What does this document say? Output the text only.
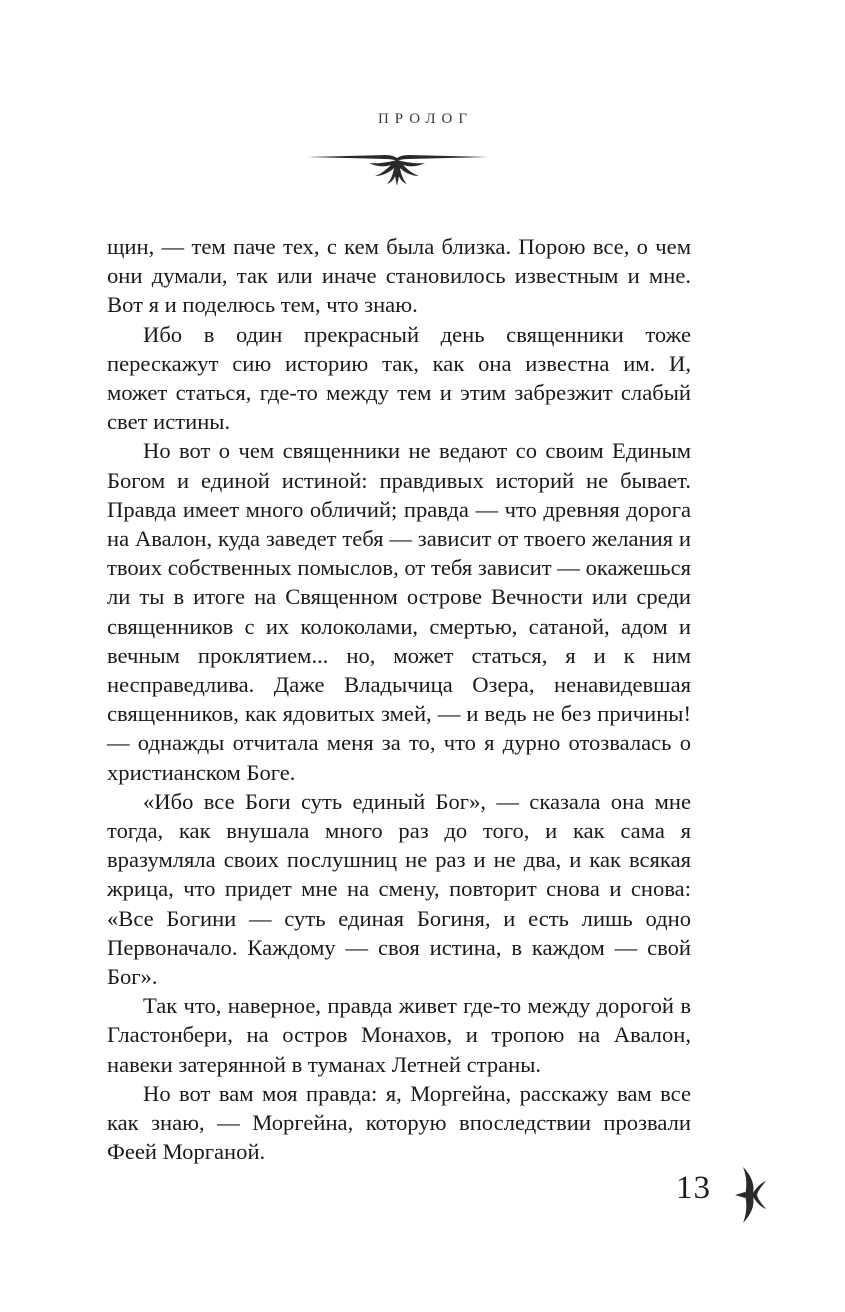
ПРОЛОГ

щин, — тем паче тех, с кем была близка. Порою все, о чем они думали, так или иначе становилось известным и мне. Вот я и поделюсь тем, что знаю.

Ибо в один прекрасный день священники тоже перескажут сию историю так, как она известна им. И, может статься, где-то между тем и этим забрезжит слабый свет истины.

Но вот о чем священники не ведают со своим Единым Богом и единой истиной: правдивых историй не бывает. Правда имеет много обличий; правда — что древняя дорога на Авалон, куда заведет тебя — зависит от твоего желания и твоих собственных помыслов, от тебя зависит — окажешься ли ты в итоге на Священном острове Вечности или среди священников с их колоколами, смертью, сатаной, адом и вечным проклятием... но, может статься, я и к ним несправедлива. Даже Владычица Озера, ненавидевшая священников, как ядовитых змей, — и ведь не без причины! — однажды отчитала меня за то, что я дурно отозвалась о христианском Боге.

«Ибо все Боги суть единый Бог», — сказала она мне тогда, как внушала много раз до того, и как сама я вразумляла своих послушниц не раз и не два, и как всякая жрица, что придет мне на смену, повторит снова и снова: «Все Богини — суть единая Богиня, и есть лишь одно Первоначало. Каждому — своя истина, в каждом — свой Бог».

Так что, наверное, правда живет где-то между дорогой в Гластонбери, на остров Монахов, и тропою на Авалон, навеки затерянной в туманах Летней страны.

Но вот вам моя правда: я, Моргейна, расскажу вам все как знаю, — Моргейна, которую впоследствии прозвали Феей Морганой.

13
